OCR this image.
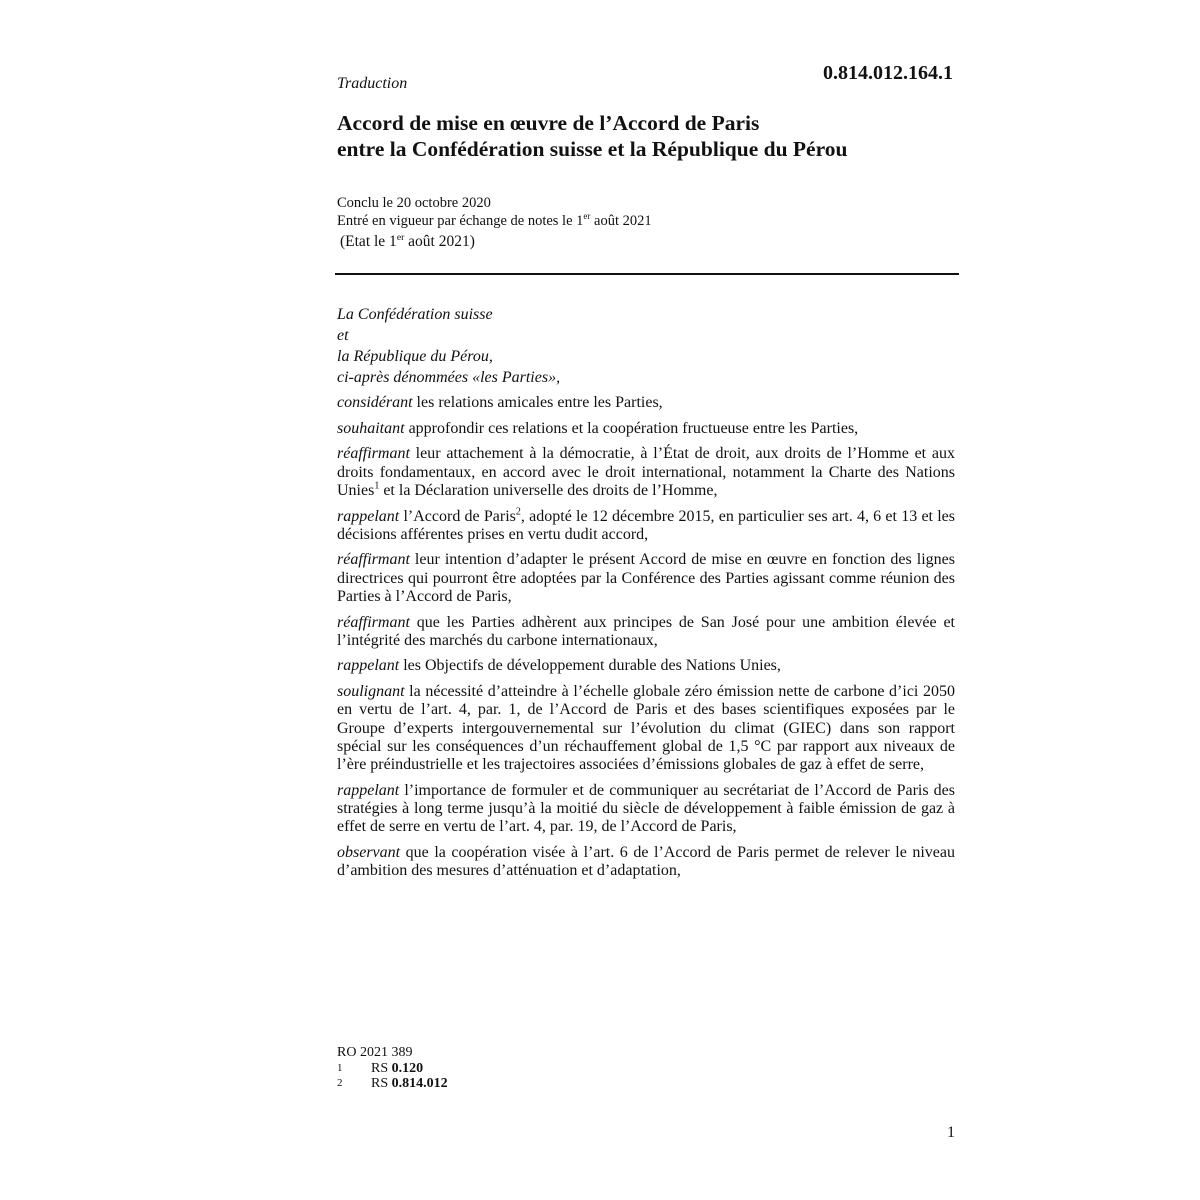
Traduction	0.814.012.164.1
Accord de mise en œuvre de l’Accord de Paris
entre la Confédération suisse et la République du Pérou
Conclu le 20 octobre 2020
Entré en vigueur par échange de notes le 1er août 2021
(Etat le 1er août 2021)
La Confédération suisse
et
la République du Pérou,
ci-après dénommées «les Parties»,

considérant les relations amicales entre les Parties,

souhaitant approfondir ces relations et la coopération fructueuse entre les Parties,

réaffirmant leur attachement à la démocratie, à l’État de droit, aux droits de l’Homme et aux droits fondamentaux, en accord avec le droit international, notamment la Charte des Nations Unies$^1$ et la Déclaration universelle des droits de l’Homme,

rappelant l’Accord de Paris$^2$, adopté le 12 décembre 2015, en particulier ses art. 4, 6 et 13 et les décisions afférentes prises en vertu dudit accord,

réaffirmant leur intention d’adapter le présent Accord de mise en œuvre en fonction des lignes directrices qui pourront être adoptées par la Conférence des Parties agissant comme réunion des Parties à l’Accord de Paris,

réaffirmant que les Parties adhèrent aux principes de San José pour une ambition élevée et l’intégrité des marchés du carbone internationaux,

rappelant les Objectifs de développement durable des Nations Unies,

soulignant la nécessité d’atteindre à l’échelle globale zéro émission nette de carbone d’ici 2050 en vertu de l’art. 4, par. 1, de l’Accord de Paris et des bases scientifiques exposées par le Groupe d’experts intergouvernemental sur l’évolution du climat (GIEC) dans son rapport spécial sur les conséquences d’un réchauffement global de 1,5 °C par rapport aux niveaux de l’ère préindustrielle et les trajectoires associées d’émissions globales de gaz à effet de serre,

rappelant l’importance de formuler et de communiquer au secrétariat de l’Accord de Paris des stratégies à long terme jusqu’à la moitié du siècle de développement à faible émission de gaz à effet de serre en vertu de l’art. 4, par. 19, de l’Accord de Paris,

observant que la coopération visée à l’art. 6 de l’Accord de Paris permet de relever le niveau d’ambition des mesures d’atténuation et d’adaptation,

RO 2021 389
1	RS 0.120
2	RS 0.814.012
1
